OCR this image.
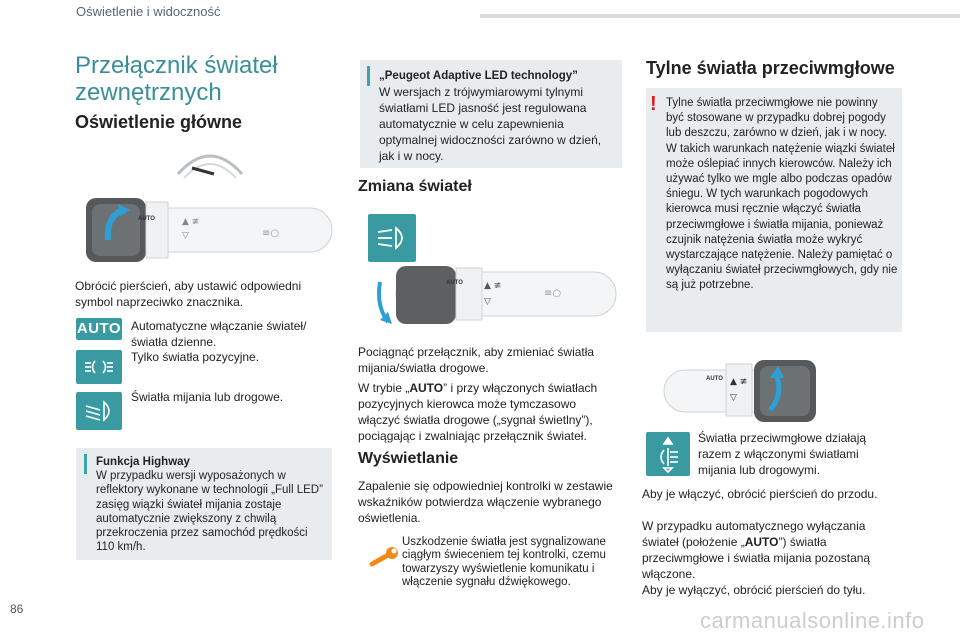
Oświetlenie i widoczność
Przełącznik świateł zewnętrznych
Oświetlenie główne
AUTO	▲ ≢
▽	≡○
Obrócić pierścień, aby ustawić odpowiedni symbol naprzeciwko znacznika.
AUTO Automatyczne włączanie świateł/ światła dzienne.
Tylko światła pozycyjne.
Światła mijania lub drogowe.
Funkcja Highway
W przypadku wersji wyposażonych w reflektory wykonane w technologii „Full LED” zasięg wiązki świateł mijania zostaje automatycznie zwiększony z chwilą przekroczenia przez samochód prędkości 110 km/h.
„Peugeot Adaptive LED technology”
W wersjach z trójwymiarowymi tylnymi światłami LED jasność jest regulowana automatycznie w celu zapewnienia optymalnej widoczności zarówno w dzień, jak i w nocy.
Zmiana świateł
AUTO ▲ ≢
▽
≡○
Pociągnąć przełącznik, aby zmieniać światła mijania/światła drogowe.
W trybie „AUTO” i przy włączonych światłach pozycyjnych kierowca może tymczasowo włączyć światła drogowe („sygnał świetlny”), pociągając i zwalniając przełącznik świateł.
Wyświetlanie
Zapalenie się odpowiedniej kontrolki w zestawie wskaźników potwierdza włączenie wybranego oświetlenia.
Uszkodzenie światła jest sygnalizowane ciągłym świeceniem tej kontrolki, czemu towarzyszy wyświetlenie komunikatu i włączenie sygnału dźwiękowego.
Tylne światła przeciwmgłowe
! Tylne światła przeciwmgłowe nie powinny być stosowane w przypadku dobrej pogody lub deszczu, zarówno w dzień, jak i w nocy. W takich warunkach natężenie wiązki świateł może oślepiać innych kierowców. Należy ich używać tylko we mgle albo podczas opadów śniegu. W tych warunkach pogodowych kierowca musi ręcznie włączyć światła przeciwmgłowe i światła mijania, ponieważ czujnik natężenia światła może wykryć wystarczające natężenie. Należy pamiętać o wyłączaniu świateł przeciwmgłowych, gdy nie są już potrzebne.
AUTO ▲ ≢
▽
Światła przeciwmgłowe działają razem z włączonymi światłami mijania lub drogowymi.
Aby je włączyć, obrócić pierścień do przodu.
W przypadku automatycznego wyłączania świateł (położenie „AUTO”) światła przeciwmgłowe i światła mijania pozostaną włączone.
Aby je wyłączyć, obrócić pierścień do tyłu.
86	carmanualsonline.info
